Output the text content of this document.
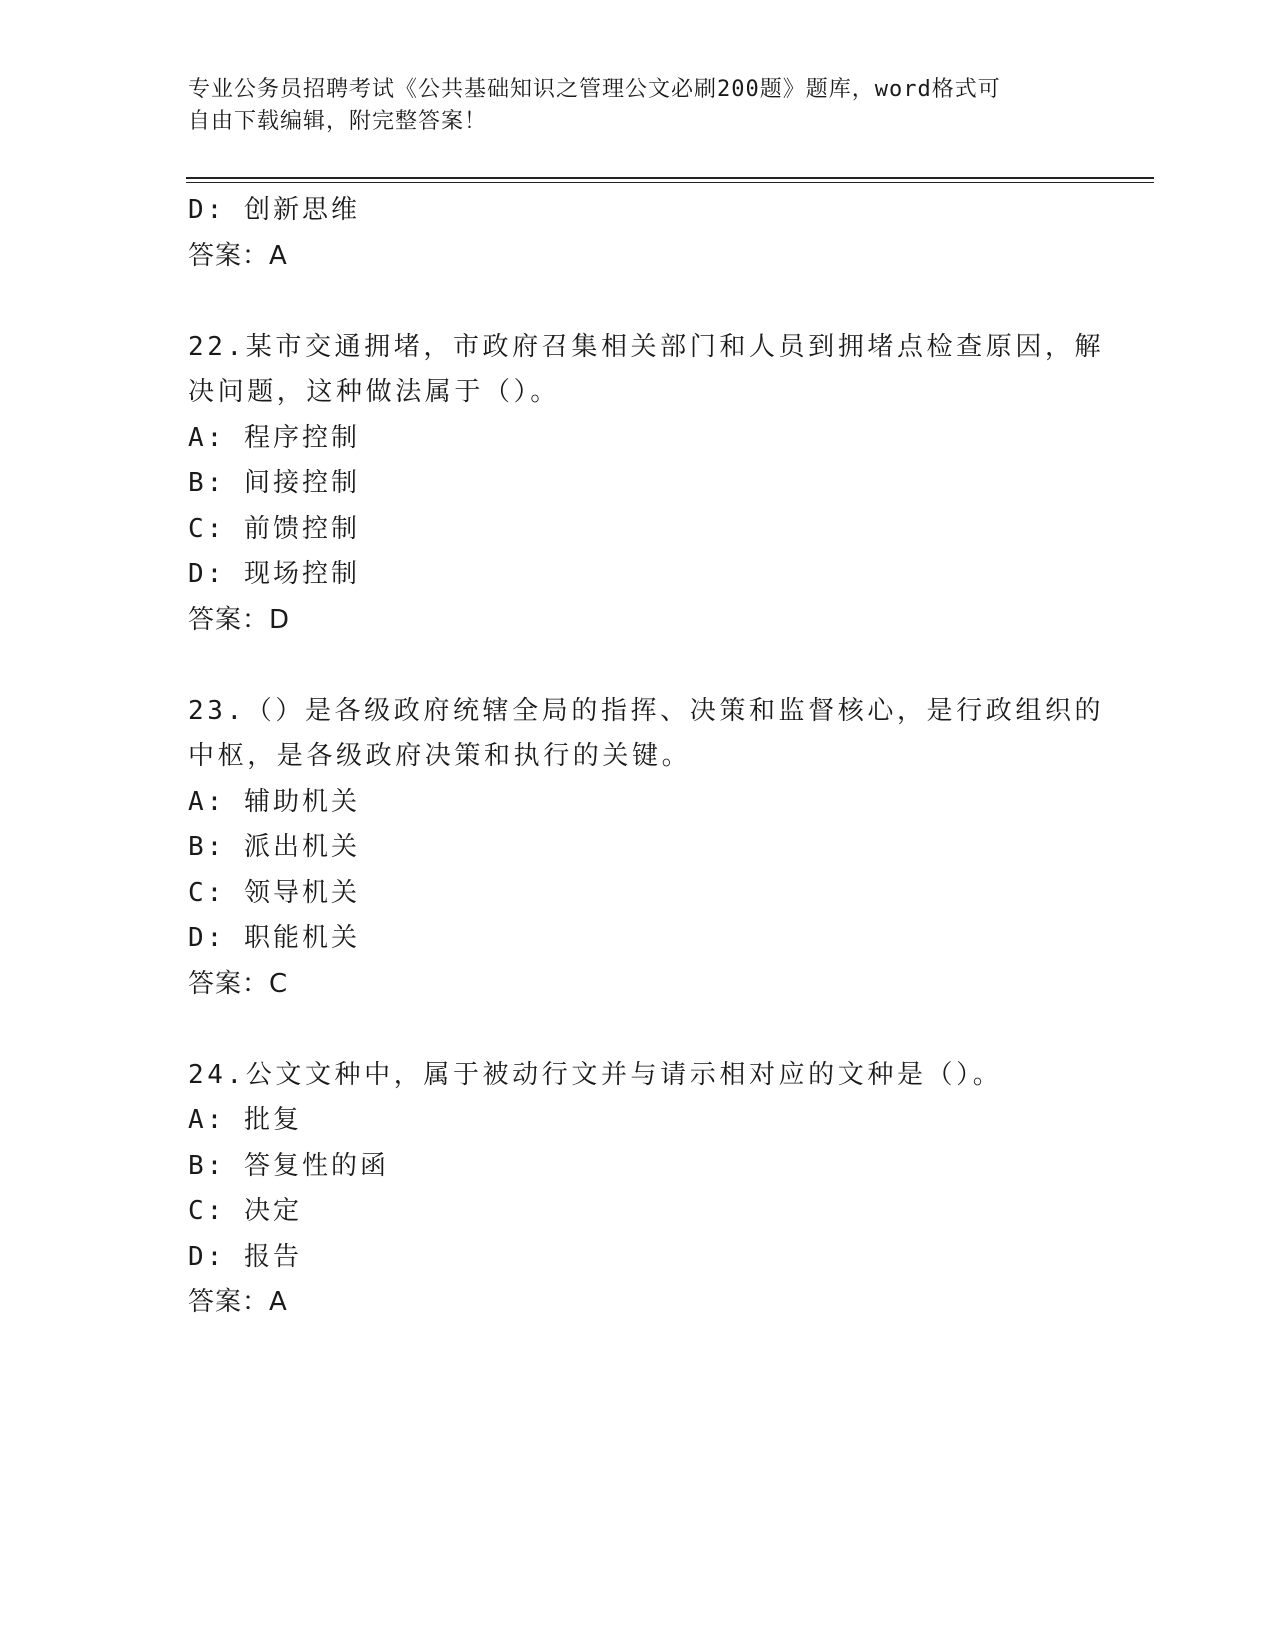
专业公务员招聘考试《公共基础知识之管理公文必刷200题》题库，word格式可
自由下载编辑，附完整答案！
D: 创新思维
答案：A
22.某市交通拥堵，市政府召集相关部门和人员到拥堵点检查原因，解
决问题，这种做法属于（）。
A: 程序控制
B: 间接控制
C: 前馈控制
D: 现场控制
答案：D
23.（）是各级政府统辖全局的指挥、决策和监督核心，是行政组织的
中枢，是各级政府决策和执行的关键。
A: 辅助机关
B: 派出机关
C: 领导机关
D: 职能机关
答案：C
24.公文文种中，属于被动行文并与请示相对应的文种是（）。
A: 批复
B: 答复性的函
C: 决定
D: 报告
答案：A
